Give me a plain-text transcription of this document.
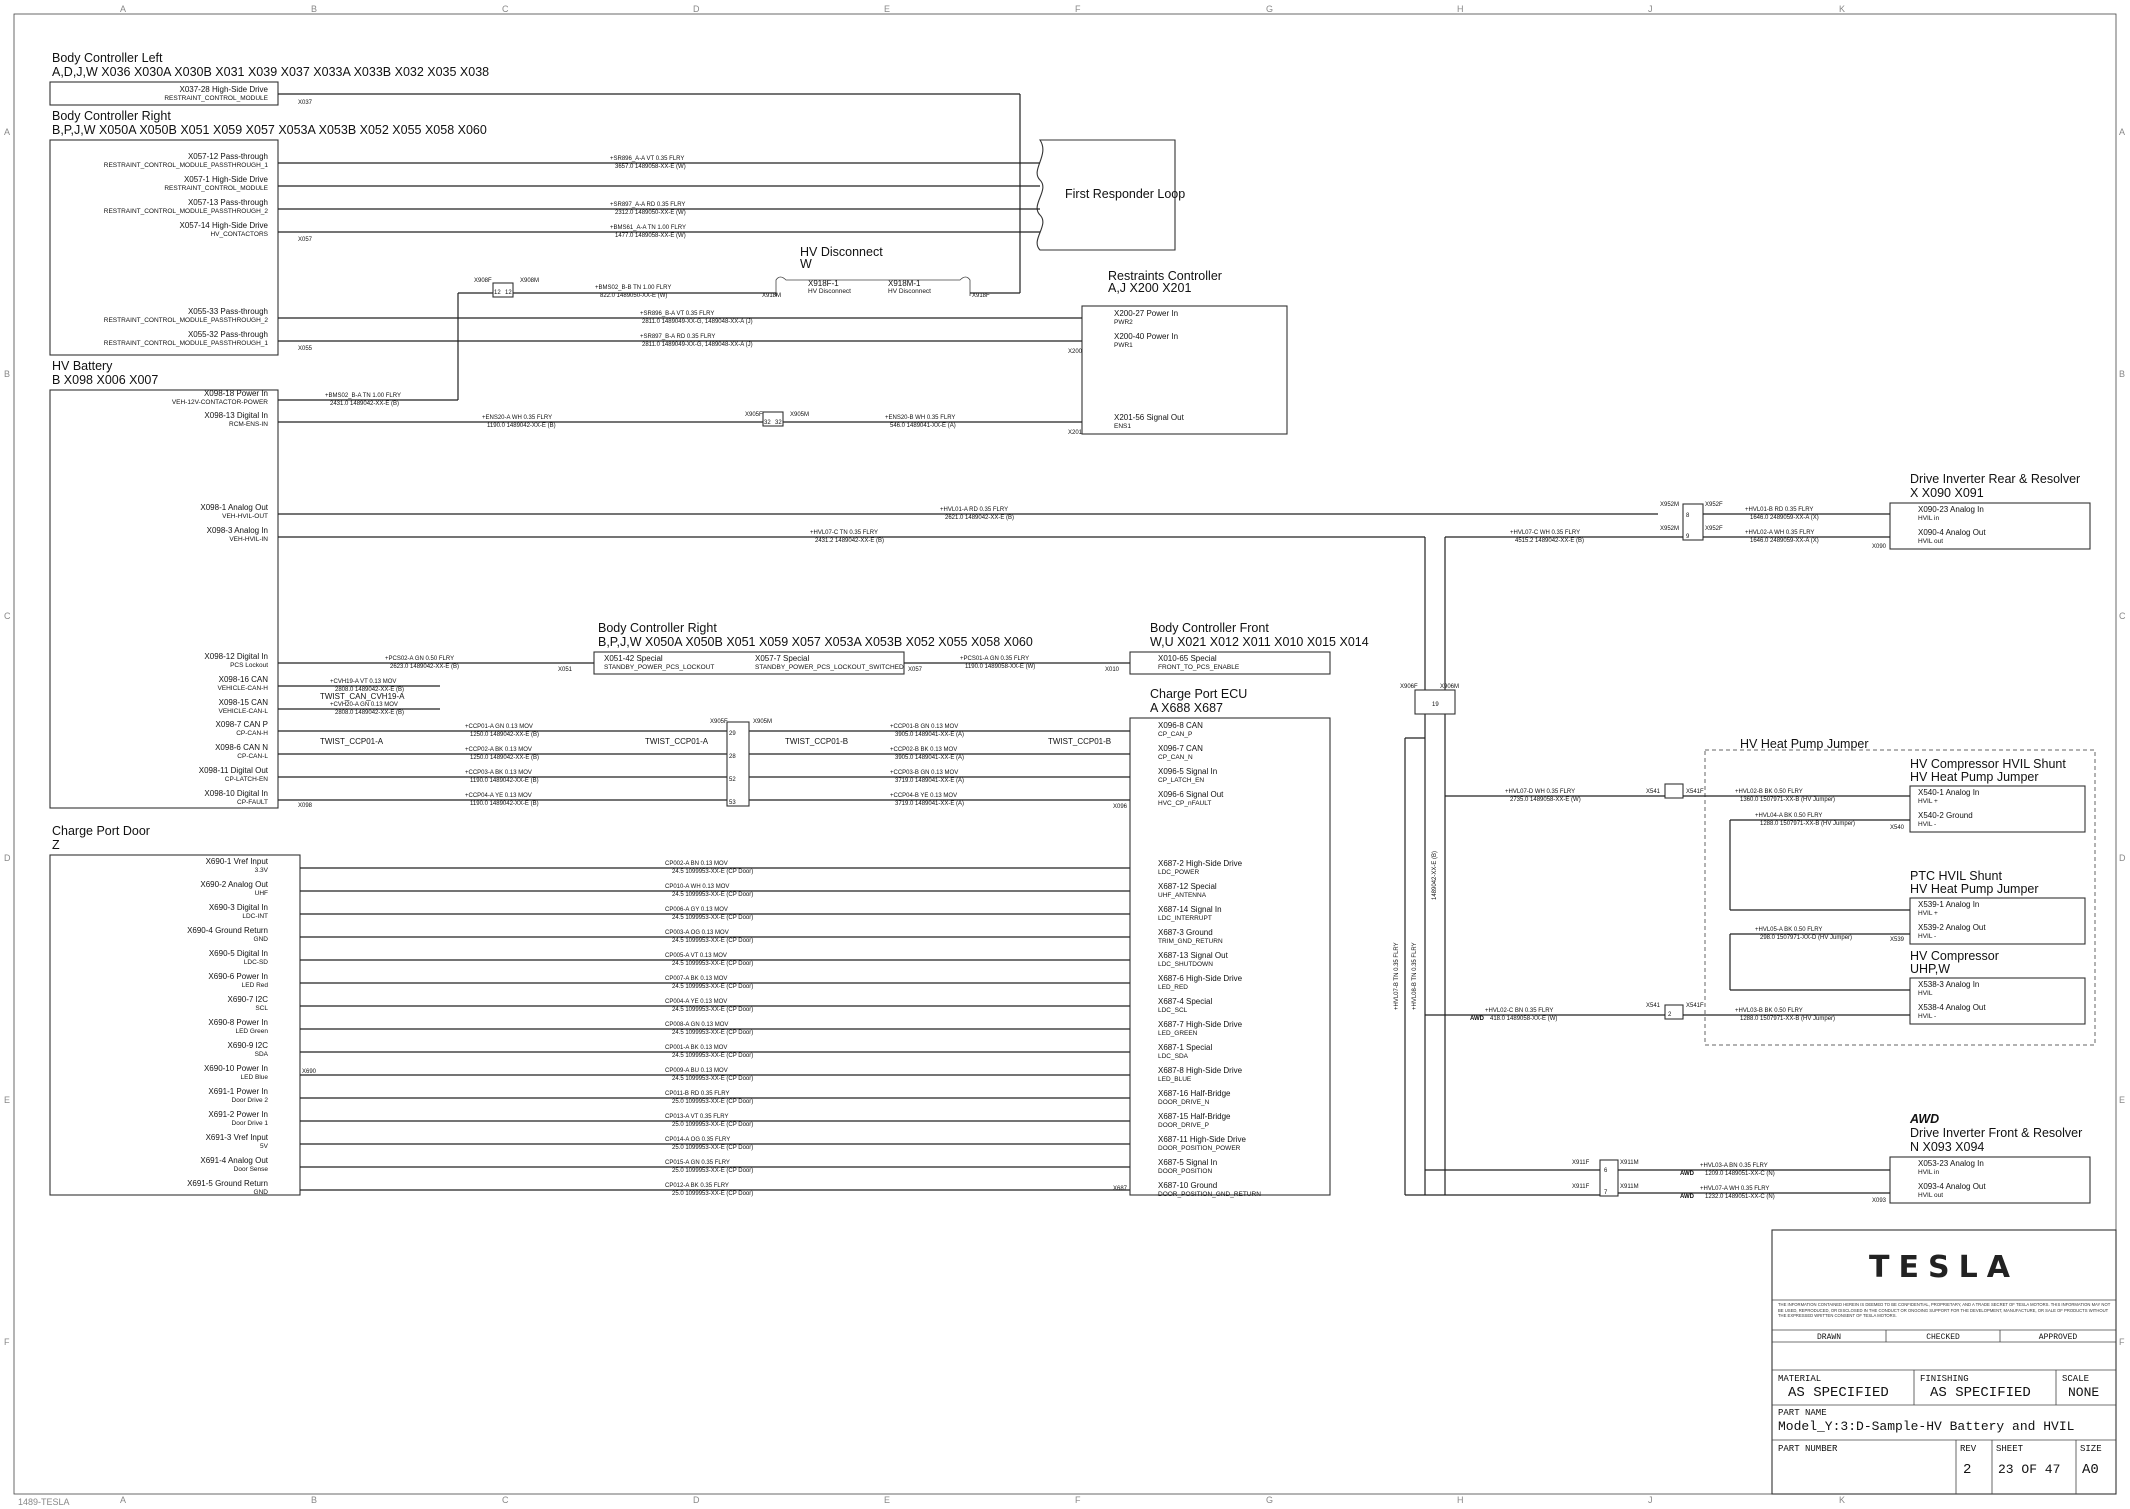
A
A
B
B
C
C
D
D
E
E
F
F
G
G
H
H
J
J
K
K
A	A
B	B
C	C
D	D
E	E
F	F
Body Controller Left
A,D,J,W X036 X030A X030B X031 X039 X037 X033A X033B X032 X035 X038
X037-28 High-Side Drive
RESTRAINT_CONTROL_MODULE
X037
Body Controller Right
B,P,J,W X050A X050B X051 X059 X057 X053A X053B X052 X055 X058 X060
X057-12 Pass-through
RESTRAINT_CONTROL_MODULE_PASSTHROUGH_1
X057-1 High-Side Drive
RESTRAINT_CONTROL_MODULE
X057-13 Pass-through
RESTRAINT_CONTROL_MODULE_PASSTHROUGH_2
X057-14 High-Side Drive
HV_CONTACTORS
X055-33 Pass-through
RESTRAINT_CONTROL_MODULE_PASSTHROUGH_2
X055-32 Pass-through
RESTRAINT_CONTROL_MODULE_PASSTHROUGH_1
HV Battery
B X098 X006 X007
X098-18 Power In
VEH-12V-CONTACTOR-POWER
X098-13 Digital In
RCM-ENS-IN
X098-1 Analog Out
VEH-HVIL-OUT
X098-3 Analog In
VEH-HVIL-IN
X098-12 Digital In
PCS Lockout
X098-16 CAN
VEHICLE-CAN-H
X098-15 CAN
VEHICLE-CAN-L
X098-7 CAN P
CP-CAN-H
X098-6 CAN N
CP-CAN-L
X098-11 Digital Out
CP-LATCH-EN
X098-10 Digital In
CP-FAULT
Charge Port Door
Z
X690-1 Vref Input
3.3V
X690-2 Analog Out
UHF
X690-3 Digital In
LDC-INT
X690-4 Ground Return
GND
X690-5 Digital In
LDC-SD
X690-6 Power In
LED Red
X690-7 I2C
SCL
X690-8 Power In
LED Green
X690-9 I2C
SDA
X690-10 Power In
LED Blue
X691-1 Power In
Door Drive 2
X691-2 Power In
Door Drive 1
X691-3 Vref Input
5V
X691-4 Analog Out
Door Sense
X691-5 Ground Return
GND
CP002-A BN 0.13 MOV
24.5 1099953-XX-E (CP Door)
CP010-A WH 0.13 MOV
24.5 1099953-XX-E (CP Door)
CP006-A GY 0.13 MOV
24.5 1099953-XX-E (CP Door)
CP003-A OG 0.13 MOV
24.5 1099953-XX-E (CP Door)
CP005-A VT 0.13 MOV
24.5 1099953-XX-E (CP Door)
CP007-A BK 0.13 MOV
24.5 1099953-XX-E (CP Door)
CP004-A YE 0.13 MOV
24.5 1099953-XX-E (CP Door)
CP008-A GN 0.13 MOV
24.5 1099953-XX-E (CP Door)
CP001-A BK 0.13 MOV
24.5 1099953-XX-E (CP Door)
CP009-A BU 0.13 MOV
24.5 1099953-XX-E (CP Door)
CP011-B RD 0.35 FLRY
25.0 1099953-XX-E (CP Door)
CP013-A VT 0.35 FLRY
25.0 1099953-XX-E (CP Door)
CP014-A OG 0.35 FLRY
25.0 1099953-XX-E (CP Door)
CP015-A GN 0.35 FLRY
25.0 1099953-XX-E (CP Door)
CP012-A BK 0.35 FLRY
25.0 1099953-XX-E (CP Door)
First Responder Loop
+SR896_A-A VT 0.35 FLRY
3657.0 1489058-XX-E (W)
+SR897_A-A RD 0.35 FLRY
2312.0 1489050-XX-E (W)
+BMS61_A-A TN 1.00 FLRY
1477.0 1489058-XX-E (W)
X057
HV Disconnect
W
X918F-1
HV Disconnect
X918M-1
HV Disconnect
X918M	X918F
+BMS02_B-B TN 1.00 FLRY
822.0 1489050-XX-E (W)
X908F	X908M
12 12
Restraints Controller
A,J X200 X201
X200-27 Power In
PWR2
X200-40 Power In
PWR1
X201-56 Signal Out
ENS1
X200
X201
+SR896_B-A VT 0.35 FLRY
2811.0 1489049-XX-G, 1489048-XX-A (J)
+SR897_B-A RD 0.35 FLRY
2811.0 1489049-XX-G, 1489048-XX-A (J)
X055
+BMS02_B-A TN 1.00 FLRY
2431.0 1489042-XX-E (B)
+ENS20-A WH 0.35 FLRY
1190.0 1489042-XX-E (B)
+ENS20-B WH 0.35 FLRY
546.0 1489041-XX-E (A)
X905F	X905M
32 32
+HVL01-A RD 0.35 FLRY
2621.0 1489042-XX-E (B)
+HVL07-C TN 0.35 FLRY
2431.2 1489042-XX-E (B)
Drive Inverter Rear & Resolver
X X090 X091
X090-23 Analog In
HVIL in
X090-4 Analog Out
HVIL out
X090
X952M	X952F
X952M	X952F
8
9
+HVL01-B RD 0.35 FLRY
1646.0 2489059-XX-A (X)
+HVL02-A WH 0.35 FLRY
1646.0 2489059-XX-A (X)
+HVL07-C WH 0.35 FLRY
4515.2 1489042-XX-E (B)
Body Controller Right
B,P,J,W X050A X050B X051 X059 X057 X053A X053B X052 X055 X058 X060
X051-42 Special
STANDBY_POWER_PCS_LOCKOUT
X057-7 Special
STANDBY_POWER_PCS_LOCKOUT_SWITCHED
X051	X057
Body Controller Front
W,U X021 X012 X011 X010 X015 X014
X010-65 Special
FRONT_TO_PCS_ENABLE
X010
+PCS01-A GN 0.35 FLRY
1190.0 1489058-XX-E (W)
+PCS02-A GN 0.50 FLRY
2623.0 1489042-XX-E (B)
+CVH19-A VT 0.13 MOV
2808.0 1489042-XX-E (B)
TWIST_CAN_CVH19-A
+CVH20-A GN 0.13 MOV
2808.0 1489042-XX-E (B)
Charge Port ECU
A X688 X687
X096-8 CAN
CP_CAN_P
X096-7 CAN
CP_CAN_N
X096-5 Signal In
CP_LATCH_EN
X096-6 Signal Out
HVC_CP_nFAULT
X687-2 High-Side Drive
LDC_POWER
X687-12 Special
UHF_ANTENNA
X687-14 Signal In
LDC_INTERRUPT
X687-3 Ground
TRIM_GND_RETURN
X687-13 Signal Out
LDC_SHUTDOWN
X687-6 High-Side Drive
LED_RED
X687-4 Special
LDC_SCL
X687-7 High-Side Drive
LED_GREEN
X687-1 Special
LDC_SDA
X687-8 High-Side Drive
LED_BLUE
X687-16 Half-Bridge
DOOR_DRIVE_N
X687-15 Half-Bridge
DOOR_DRIVE_P
X687-11 High-Side Drive
DOOR_POSITION_POWER
X687-5 Signal In
DOOR_POSITION
X687-10 Ground
DOOR_POSITION_GND_RETURN
X096
X687
X690
TWIST_CCP01-A	TWIST_CCP01-A	TWIST_CCP01-B	TWIST_CCP01-B
+CCP01-A GN 0.13 MOV
1250.0 1489042-XX-E (B)
+CCP02-A BK 0.13 MOV
1250.0 1489042-XX-E (B)
+CCP03-A BK 0.13 MOV
1190.0 1489042-XX-E (B)
+CCP04-A YE 0.13 MOV
1190.0 1489042-XX-E (B)
+CCP01-B GN 0.13 MOV
3905.0 1489041-XX-E (A)
+CCP02-B BK 0.13 MOV
3905.0 1489041-XX-E (A)
+CCP03-B GN 0.13 MOV
3719.0 1489041-XX-E (A)
+CCP04-B YE 0.13 MOV
3719.0 1489041-XX-E (A)
X905F	X905M
29
28
52
53
X098
X906F	X906M
19
+HVL07-B TN 0.35 FLRY +HVL08-B TN 0.35 FLRY
1489042-XX-E (B)
HV Heat Pump Jumper
HV Compressor HVIL Shunt
HV Heat Pump Jumper
X540-1 Analog In
HVIL +
X540-2 Ground
HVIL -
X540
PTC HVIL Shunt
HV Heat Pump Jumper
X539-1 Analog In
HVIL +
X539-2 Analog Out
HVIL -
X539
HV Compressor
UHP,W
X538-3 Analog In
HVIL
X538-4 Analog Out
HVIL -
X541	X541F
+HVL07-D WH 0.35 FLRY
2735.0 1489058-XX-E (W)
+HVL02-B BK 0.50 FLRY
1360.0 1507971-XX-B (HV Jumper)
+HVL04-A BK 0.50 FLRY
1288.0 1507971-XX-B (HV Jumper)
+HVL05-A BK 0.50 FLRY
298.0 1507971-XX-D (HV Jumper)
X541	X541F
2
+HVL03-B BK 0.50 FLRY
1288.0 1507971-XX-B (HV Jumper)
+HVL02-C BN 0.35 FLRY
418.0 1489058-XX-E (W)
AWD
AWD
Drive Inverter Front & Resolver
N X093 X094
X053-23 Analog In
HVIL in
X093-4 Analog Out
HVIL out
X093
X911F	X911M
X911F	X911M
6
7
+HVL03-A BN 0.35 FLRY
1209.0 1489051-XX-C (N)
+HVL07-A WH 0.35 FLRY
1232.0 1489051-XX-C (N)
AWD
AWD
TESLA
THE INFORMATION CONTAINED HEREIN IS DEEMED TO BE CONFIDENTIAL, PROPRIETARY, AND A TRADE SECRET OF TESLA MOTORS. THIS INFORMATION MAY NOT BE USED, REPRODUCED, OR DISCLOSED IN THE CONDUCT OR ONGOING SUPPORT FOR THE DEVELOPMENT, MANUFACTURE, OR SALE OF PRODUCTS WITHOUT THE EXPRESSED WRITTEN CONSENT OF TESLA MOTORS.
DRAWN	CHECKED	APPROVED
MATERIAL
AS SPECIFIED
FINISHING
AS SPECIFIED
SCALE
NONE
PART NAME
Model_Y:3:D-Sample-HV Battery and HVIL
PART NUMBER	REV
2
SHEET
23 OF 47
SIZE
A0
1489-TESLA
